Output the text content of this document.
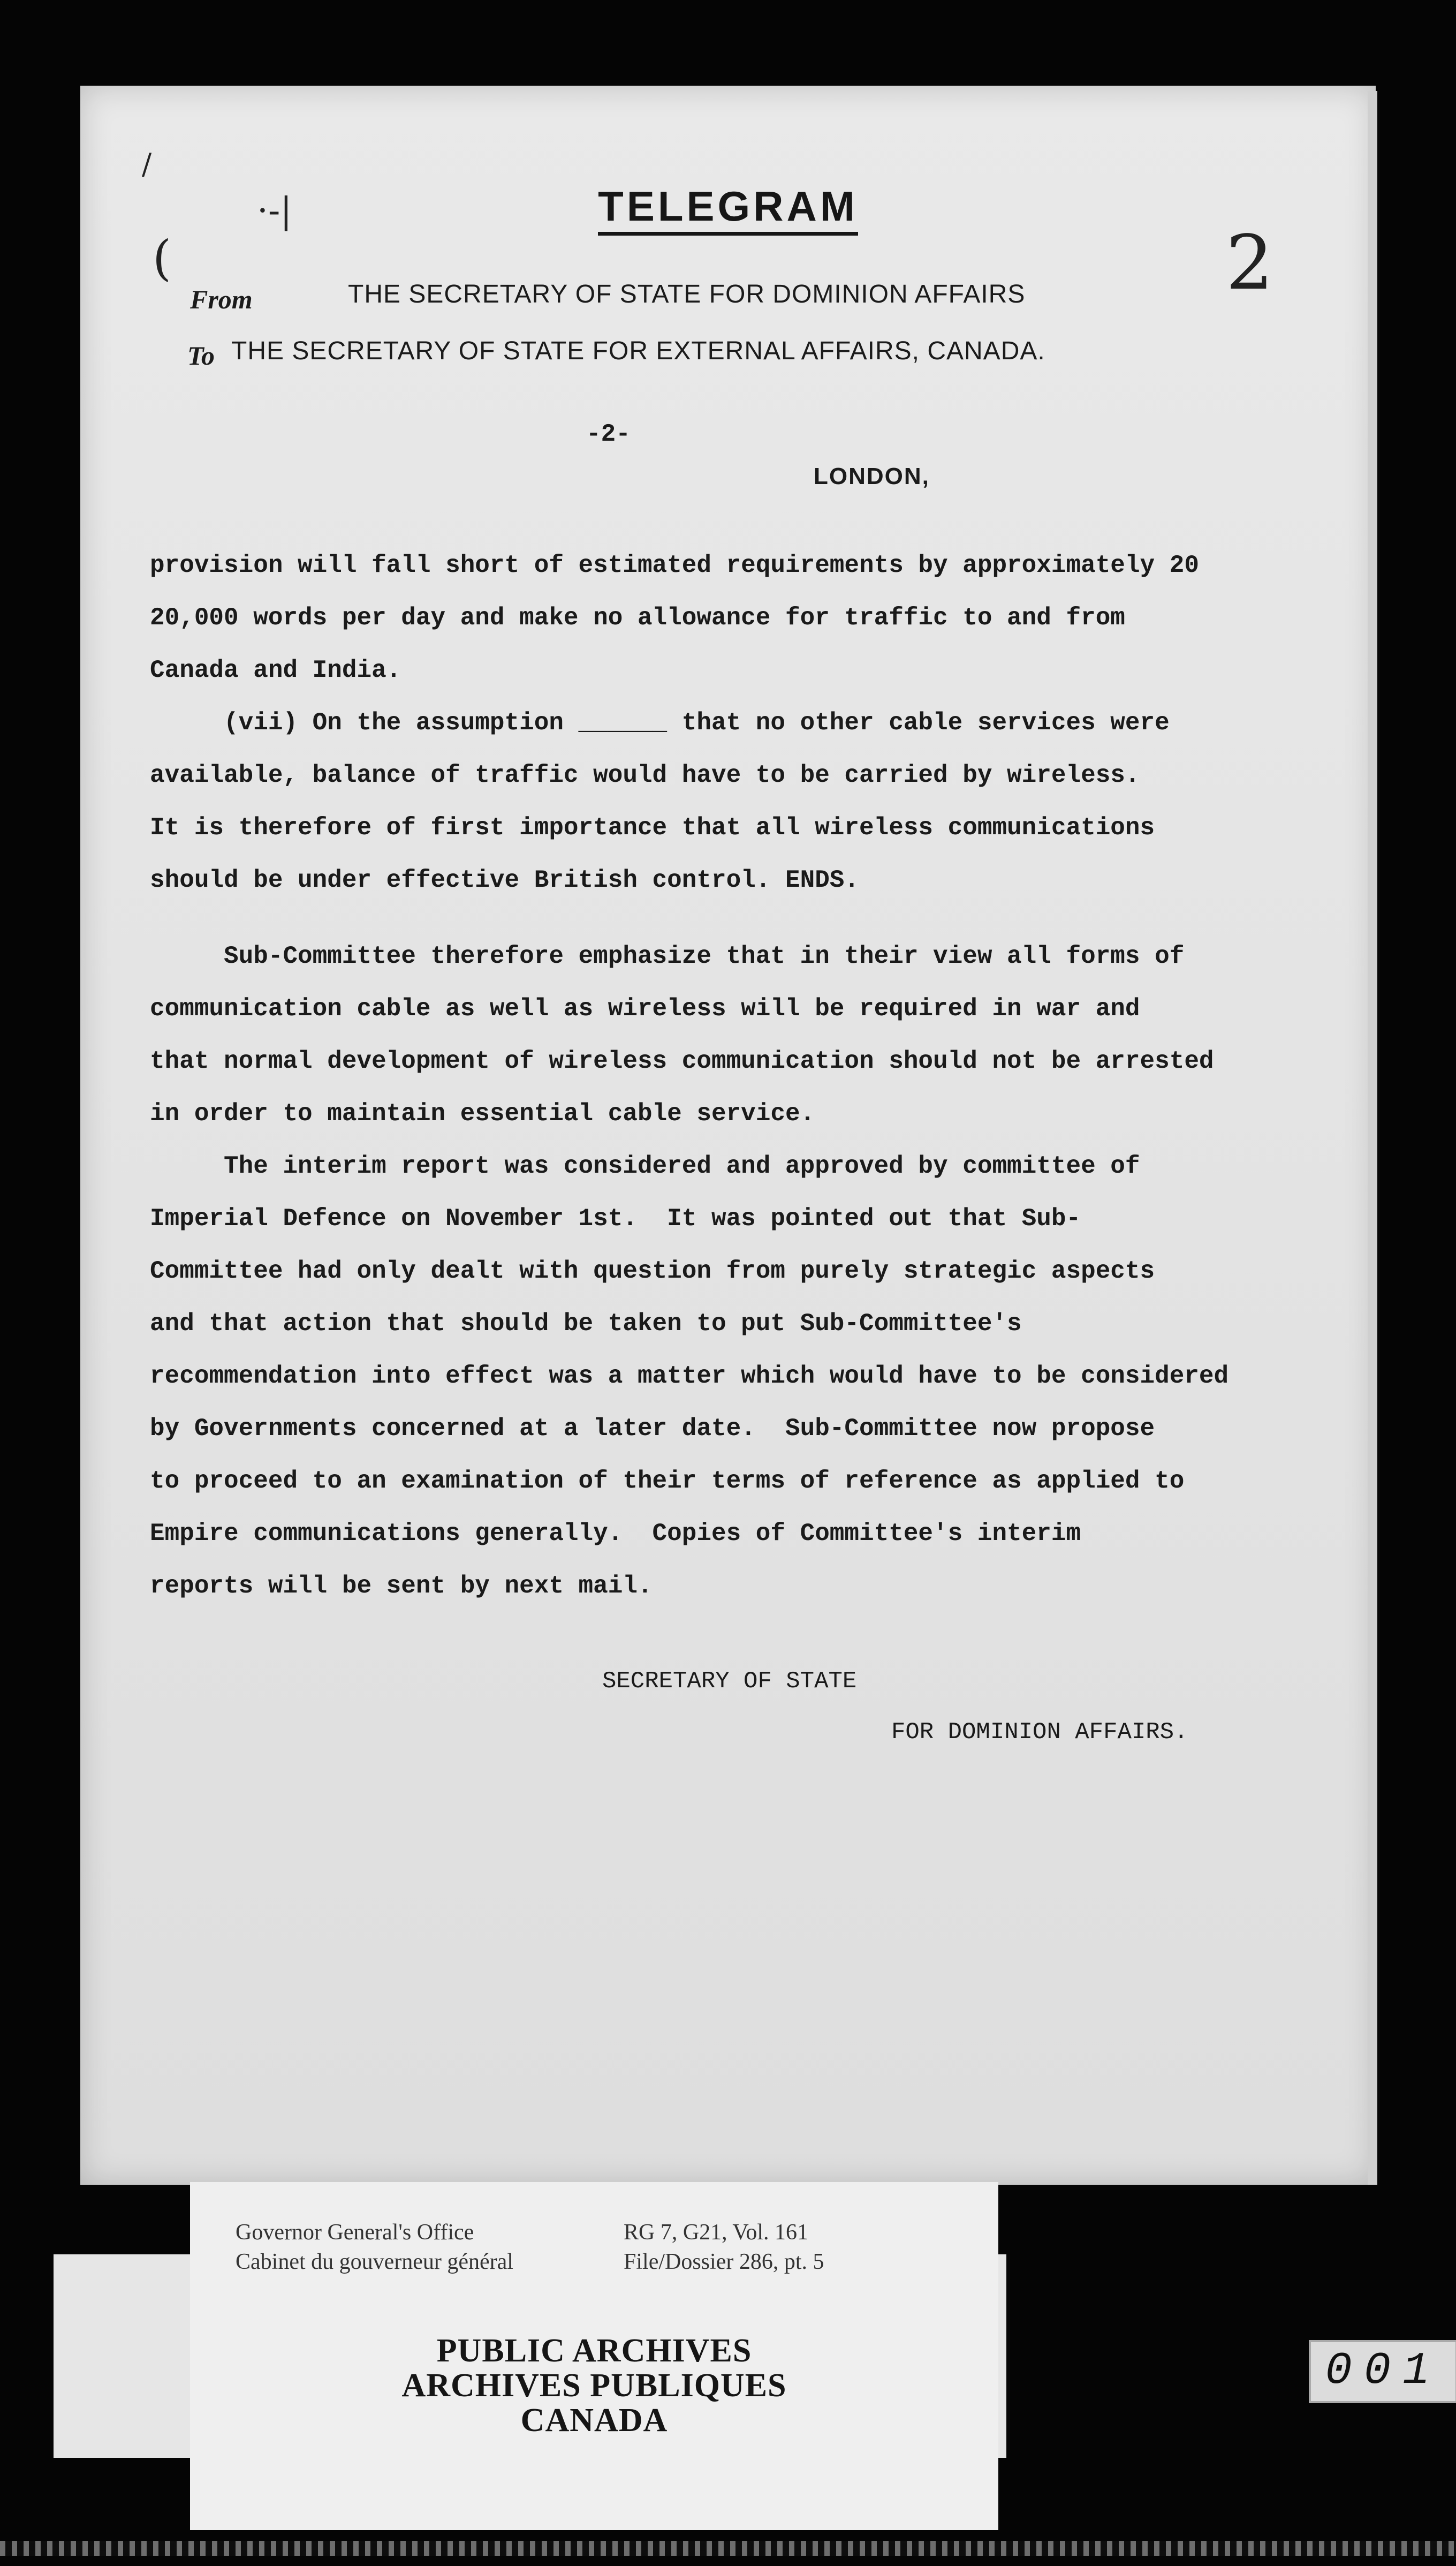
/
·-|
(	2
TELEGRAM
From	THE SECRETARY OF STATE FOR DOMINION AFFAIRS
To THE SECRETARY OF STATE FOR EXTERNAL AFFAIRS, CANADA.
-2-
LONDON,
provision will fall short of estimated requirements by approximately 20
20,000 words per day and make no allowance for traffic to and from
Canada and India.
(vii) On the assumption ______ that no other cable services were
available, balance of traffic would have to be carried by wireless.
It is therefore of first importance that all wireless communications
should be under effective British control. ENDS.
Sub-Committee therefore emphasize that in their view all forms of
communication cable as well as wireless will be required in war and
that normal development of wireless communication should not be arrested
in order to maintain essential cable service.
The interim report was considered and approved by committee of
Imperial Defence on November 1st.  It was pointed out that Sub-
Committee had only dealt with question from purely strategic aspects
and that action that should be taken to put Sub-Committee's
recommendation into effect was a matter which would have to be considered
by Governments concerned at a later date.  Sub-Committee now propose
to proceed to an examination of their terms of reference as applied to
Empire communications generally.  Copies of Committee's interim
reports will be sent by next mail.
SECRETARY OF STATE
FOR DOMINION AFFAIRS.
Governor General's Office
Cabinet du gouverneur général
RG 7, G21, Vol. 161
File/Dossier 286, pt. 5
PUBLIC ARCHIVES
ARCHIVES PUBLIQUES
CANADA
001
